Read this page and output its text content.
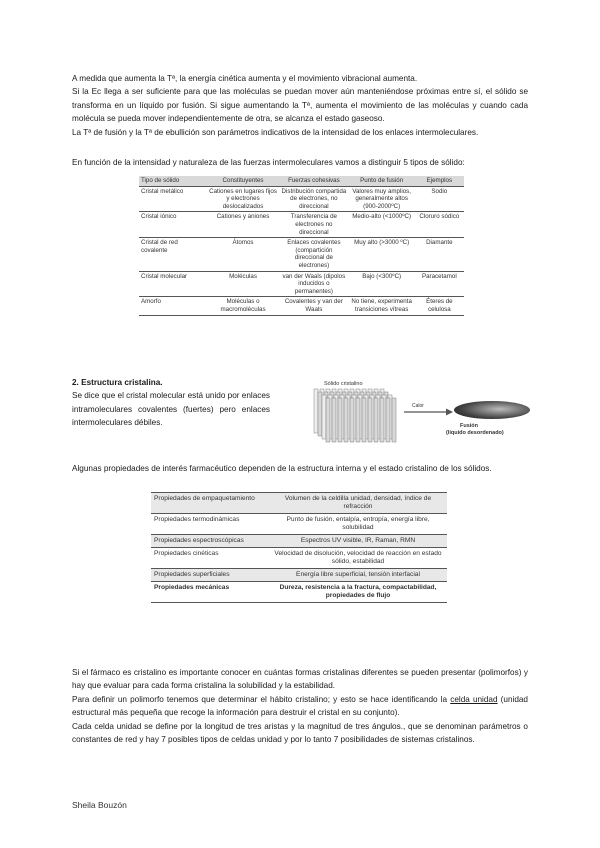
A medida que aumenta la Tª, la energía cinética aumenta y el movimiento vibracional aumenta.
Si la Ec llega a ser suficiente para que las moléculas se puedan mover aún manteniéndose próximas entre sí, el sólido se transforma en un líquido por fusión. Si sigue aumentando la Tª, aumenta el movimiento de las moléculas y cuando cada molécula se pueda mover independientemente de otra, se alcanza el estado gaseoso.
La Tª de fusión y la Tª de ebullición son parámetros indicativos de la intensidad de los enlaces intermoleculares.
En función de la intensidad y naturaleza de las fuerzas intermoleculares vamos a distinguir 5 tipos de sólido:
Tipo de sólido	Constituyentes	Fuerzas cohesivas	Punto de fusión	Ejemplos
Cristal metálico	Cationes en lugares fijos y electrones deslocalizados	Distribución compartida de electrones, no direccional	Valores muy amplios, generalmente altos (900-2000ºC)	Sodio
Cristal iónico	Cationes y aniones	Transferencia de electrones no direccional	Medio-alto (<1000ºC)	Cloruro sódico
Cristal de red covalente	Átomos	Enlaces covalentes (compartición direccional de electrones)	Muy alto (>3000 ºC)	Diamante
Cristal molecular	Moléculas	van der Waals (dipolos inducidos o permanentes)	Bajo (<300ºC)	Paracetamol
Amorfo	Moléculas o macromoléculas	Covalentes y van der Waals	No tiene, experimenta transiciones vítreas	Éteres de celulosa
2. Estructura cristalina.
Se dice que el cristal molecular está unido por enlaces intramoleculares covalentes (fuertes) pero enlaces intermoleculares débiles.
Sólido cristalino
Calor
Fusión
(líquido desordenado)
Algunas propiedades de interés farmacéutico dependen de la estructura interna y el estado cristalino de los sólidos.
Propiedades de empaquetamiento	Volumen de la celdilla unidad, densidad, índice de refracción
Propiedades termodinámicas	Punto de fusión, entalpía, entropía, energía libre, solubilidad
Propiedades espectroscópicas	Espectros UV visible, IR, Raman, RMN
Propiedades cinéticas	Velocidad de disolución, velocidad de reacción en estado sólido, estabilidad
Propiedades superficiales	Energía libre superficial, tensión interfacial
Propiedades mecánicas	Dureza, resistencia a la fractura, compactabilidad, propiedades de flujo
Si el fármaco es cristalino es importante conocer en cuántas formas cristalinas diferentes se pueden presentar (polimorfos) y hay que evaluar para cada forma cristalina la solubilidad y la estabilidad.
Para definir un polimorfo tenemos que determinar el hábito cristalino; y esto se hace identificando la celda unidad (unidad estructural más pequeña que recoge la información para destruir el cristal en su conjunto).
Cada celda unidad se define por la longitud de tres aristas y la magnitud de tres ángulos., que se denominan parámetros o constantes de red y hay 7 posibles tipos de celdas unidad y por lo tanto 7 posibilidades de sistemas cristalinos.
Sheila Bouzón
